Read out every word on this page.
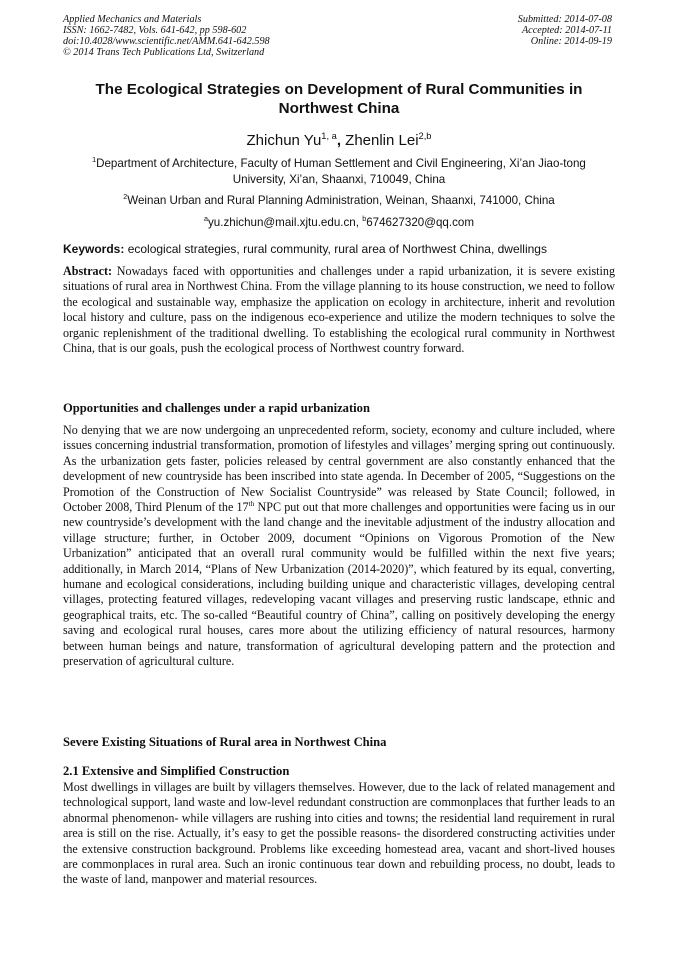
Applied Mechanics and Materials
ISSN: 1662-7482, Vols. 641-642, pp 598-602
doi:10.4028/www.scientific.net/AMM.641-642.598
© 2014 Trans Tech Publications Ltd, Switzerland
Submitted: 2014-07-08
Accepted: 2014-07-11
Online: 2014-09-19
The Ecological Strategies on Development of Rural Communities in
Northwest China
Zhichun Yu$^{1, a}$, Zhenlin Lei$^{2,b}$
$^1$Department of Architecture, Faculty of Human Settlement and Civil Engineering, Xi’an Jiao-tong
University, Xi’an, Shaanxi, 710049, China
$^2$Weinan Urban and Rural Planning Administration, Weinan, Shaanxi, 741000, China
$^a$yu.zhichun@mail.xjtu.edu.cn, $^b$674627320@qq.com
Keywords: ecological strategies, rural community, rural area of Northwest China, dwellings

Abstract: Nowadays faced with opportunities and challenges under a rapid urbanization, it is severe existing situations of rural area in Northwest China. From the village planning to its house construction, we need to follow the ecological and sustainable way, emphasize the application on ecology in architecture, inherit and revolution local history and culture, pass on the indigenous eco-experience and utilize the modern techniques to solve the organic replenishment of the traditional dwelling. To establishing the ecological rural community in Northwest China, that is our goals, push the ecological process of Northwest country forward.

Opportunities and challenges under a rapid urbanization

No denying that we are now undergoing an unprecedented reform, society, economy and culture included, where issues concerning industrial transformation, promotion of lifestyles and villages’ merging spring out continuously. As the urbanization gets faster, policies released by central government are also constantly enhanced that the development of new countryside has been inscribed into state agenda. In December of 2005, “Suggestions on the Promotion of the Construction of New Socialist Countryside” was released by State Council; followed, in October 2008, Third Plenum of the 17th NPC put out that more challenges and opportunities were facing us in our new countryside’s development with the land change and the inevitable adjustment of the industry allocation and village structure; further, in October 2009, document “Opinions on Vigorous Promotion of the New Urbanization” anticipated that an overall rural community would be fulfilled within the next five years; additionally, in March 2014, “Plans of New Urbanization (2014-2020)”, which featured by its equal, converting, humane and ecological considerations, including building unique and characteristic villages, developing central villages, protecting featured villages, redeveloping vacant villages and preserving rustic landscape, ethnic and geographical traits, etc. The so-called “Beautiful country of China”, calling on positively developing the energy saving and ecological rural houses, cares more about the utilizing efficiency of natural resources, harmony between human beings and nature, transformation of agricultural developing pattern and the protection and preservation of agricultural culture.

Severe Existing Situations of Rural area in Northwest China
2.1 Extensive and Simplified Construction

Most dwellings in villages are built by villagers themselves. However, due to the lack of related management and technological support, land waste and low-level redundant construction are commonplaces that further leads to an abnormal phenomenon- while villagers are rushing into cities and towns; the residential land requirement in rural area is still on the rise. Actually, it’s easy to get the possible reasons- the disordered constructing activities under the extensive construction background. Problems like exceeding homestead area, vacant and short-lived houses are commonplaces in rural area. Such an ironic continuous tear down and rebuilding process, no doubt, leads to the waste of land, manpower and material resources.
